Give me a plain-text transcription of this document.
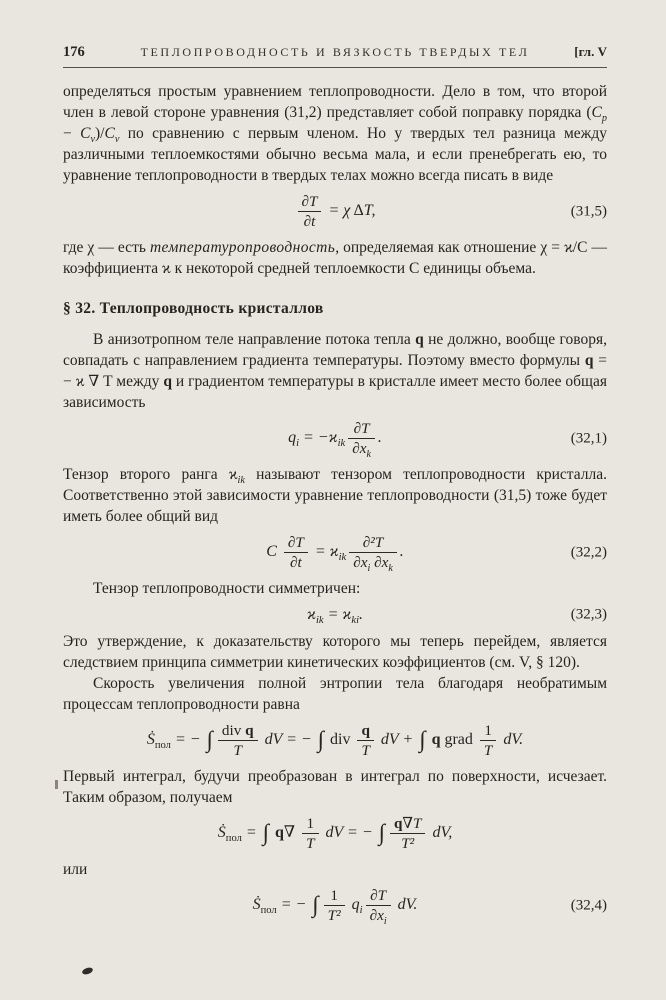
176	ТЕПЛОПРОВОДНОСТЬ И ВЯЗКОСТЬ ТВЕРДЫХ ТЕЛ	[гл. V

определяться простым уравнением теплопроводности. Дело в том, что второй член в левой стороне уравнения (31,2) представляет собой поправку порядка $(C_p - C_v)/C_v$ по сравнению с первым членом. Но у твердых тел разница между различными теплоемкостями обычно весьма мала, и если пренебрегать ею, то уравнение теплопроводности в твердых телах можно всегда писать в виде

$\frac{\partial T}{\partial t} = \chi$ ΔT,	(31,5)

где χ — есть температуропроводность, определяемая как отношение χ = ϰ/C — коэффициента ϰ к некоторой средней теплоемкости C единицы объема.

§ 32. Теплопроводность кристаллов

В анизотропном теле направление потока тепла q не должно, вообще говоря, совпадать с направлением градиента температуры. Поэтому вместо формулы q = − ϰ ∇ T между q и градиентом температуры в кристалле имеет место более общая зависимость

$q_i = -ϰ_{ik} \frac{\partial T}{\partial x_k}$ .	(32,1)

Тензор второго ранга $ϰ_{ik}$ называют тензором теплопроводности кристалла. Соответственно этой зависимости уравнение теплопроводности (31,5) тоже будет иметь более общий вид

C $\frac{\partial T}{\partial t} = ϰ_{ik} \frac{\text{∂²T}}{\partial x_i \partial x_k}$ .	(32,2)

Тензор теплопроводности симметричен:

$ϰ_{ik} = ϰ_{ki}$.	(32,3)

Это утверждение, к доказательству которого мы теперь перейдем, является следствием принципа симметрии кинетических коэффициентов (см. V, § 120).

Скорость увеличения полной энтропии тела благодаря необратимым процессам теплопроводности равна

Ṡ$_{пол}$ = − ∫ $\frac{\text{div q}}{T}$ dV = − ∫ div $\frac{q}{T}$ dV + ∫ q grad $\frac{1}{T}$ dV.

Первый интеграл, будучи преобразован в интеграл по поверхности, исчезает. Таким образом, получаем

Ṡ$_{пол}$ = ∫ $q\nabla \frac{1}{T}$ dV = − ∫ $\frac{q\nabla T}{\text{T²}}$ dV,

или

Ṡ$_{пол}$ = − ∫ $\frac{1}{\text{T²}} q_i \frac{\partial T}{\partial x_i}$ dV.	(32,4)
